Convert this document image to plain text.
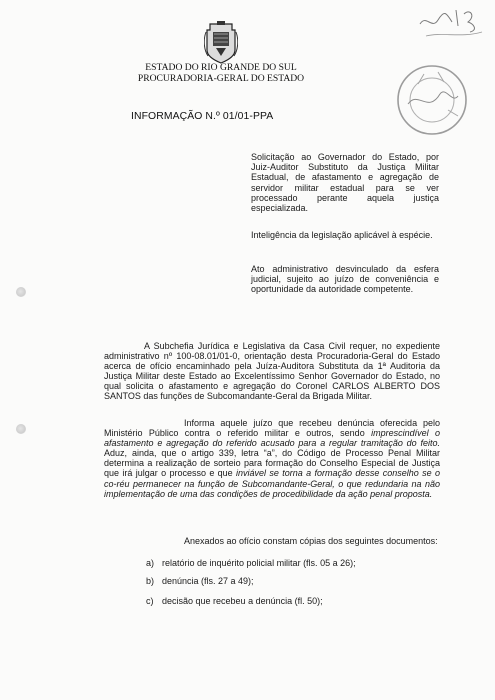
ESTADO DO RIO GRANDE DO SUL
PROCURADORIA-GERAL DO ESTADO
INFORMAÇÃO N.º 01/01-PPA
Solicitação ao Governador do Estado, por Juiz-Auditor Substituto da Justiça Militar Estadual, de afastamento e agregação de servidor militar estadual para se ver processado perante aquela justiça especializada.
Inteligência da legislação aplicável à espécie.
Ato administrativo desvinculado da esfera judicial, sujeito ao juízo de conveniência e oportunidade da autoridade competente.
A Subchefia Jurídica e Legislativa da Casa Civil requer, no expediente administrativo nº 100-08.01/01-0, orientação desta Procuradoria-Geral do Estado acerca de ofício encaminhado pela Juíza-Auditora Substituta da 1ª Auditoria da Justiça Militar deste Estado ao Excelentíssimo Senhor Governador do Estado, no qual solicita o afastamento e agregação do Coronel CARLOS ALBERTO DOS SANTOS das funções de Subcomandante-Geral da Brigada Militar.
Informa aquele juízo que recebeu denúncia oferecida pelo Ministério Público contra o referido militar e outros, sendo imprescindível o afastamento e agregação do referido acusado para a regular tramitação do feito. Aduz, ainda, que o artigo 339, letra “a”, do Código de Processo Penal Militar determina a realização de sorteio para formação do Conselho Especial de Justiça que irá julgar o processo e que inviável se torna a formação desse conselho se o co-réu permanecer na função de Subcomandante-Geral, o que redundaria na não implementação de uma das condições de procedibilidade da ação penal proposta.
Anexados ao ofício constam cópias dos seguintes documentos:
a) relatório de inquérito policial militar (fls. 05 a 26);
b) denúncia (fls. 27 a 49);
c) decisão que recebeu a denúncia (fl. 50);
